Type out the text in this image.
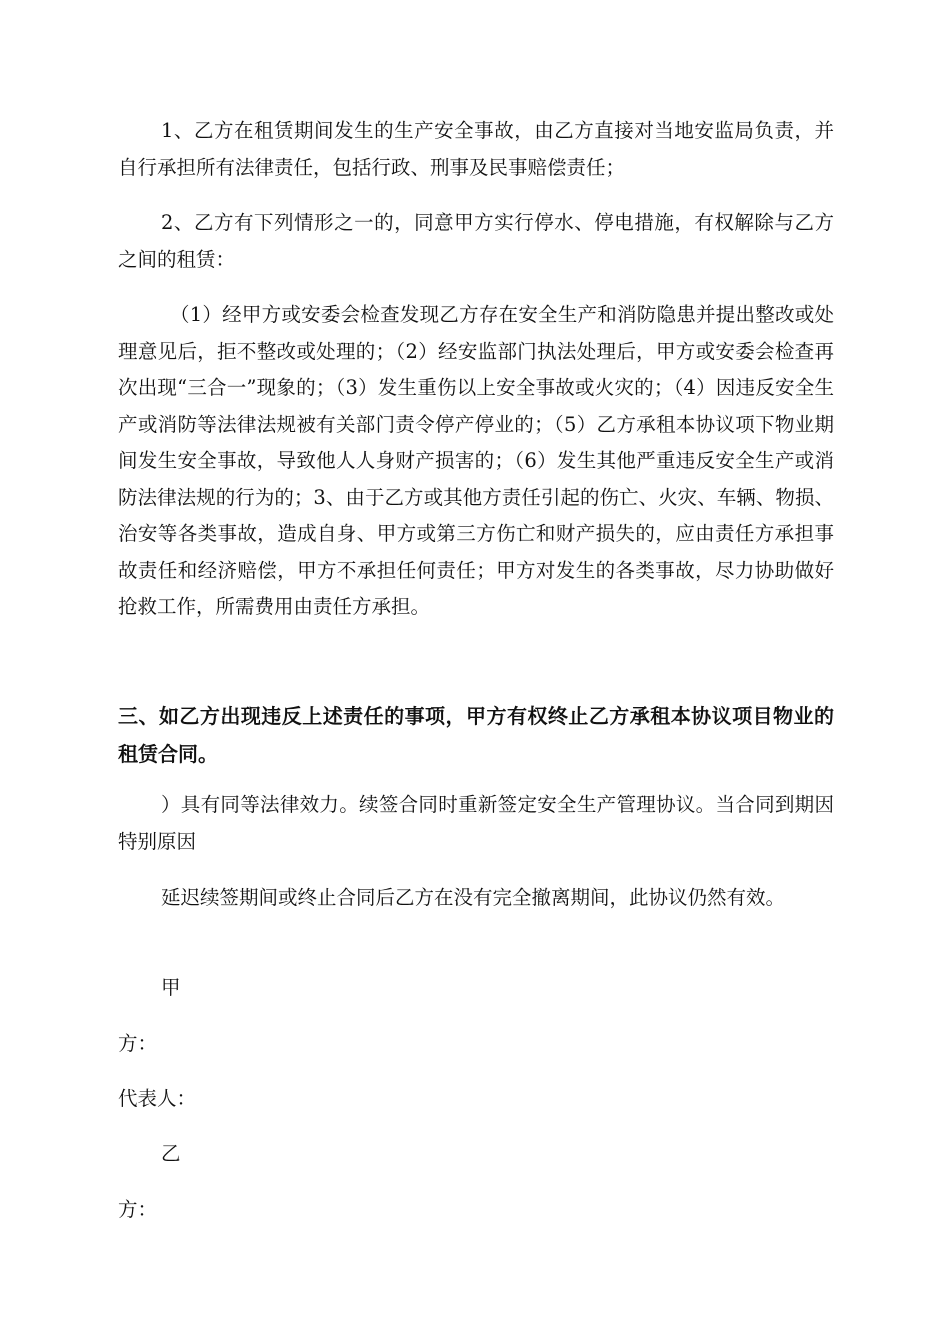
1、乙方在租赁期间发生的生产安全事故，由乙方直接对当地安监局负责，并自行承担所有法律责任，包括行政、刑事及民事赔偿责任；

2、乙方有下列情形之一的，同意甲方实行停水、停电措施，有权解除与乙方之间的租赁：

（1）经甲方或安委会检查发现乙方存在安全生产和消防隐患并提出整改或处理意见后，拒不整改或处理的；（2）经安监部门执法处理后，甲方或安委会检查再次出现“三合一”现象的；（3）发生重伤以上安全事故或火灾的；（4）因违反安全生产或消防等法律法规被有关部门责令停产停业的；（5）乙方承租本协议项下物业期间发生安全事故，导致他人人身财产损害的；（6）发生其他严重违反安全生产或消防法律法规的行为的；3、由于乙方或其他方责任引起的伤亡、火灾、车辆、物损、治安等各类事故，造成自身、甲方或第三方伤亡和财产损失的，应由责任方承担事故责任和经济赔偿，甲方不承担任何责任；甲方对发生的各类事故，尽力协助做好抢救工作，所需费用由责任方承担。

三、如乙方出现违反上述责任的事项，甲方有权终止乙方承租本协议项目物业的租赁合同。

）具有同等法律效力。续签合同时重新签定安全生产管理协议。当合同到期因特别原因

延迟续签期间或终止合同后乙方在没有完全撤离期间，此协议仍然有效。

甲

方：

代表人：

乙

方：
